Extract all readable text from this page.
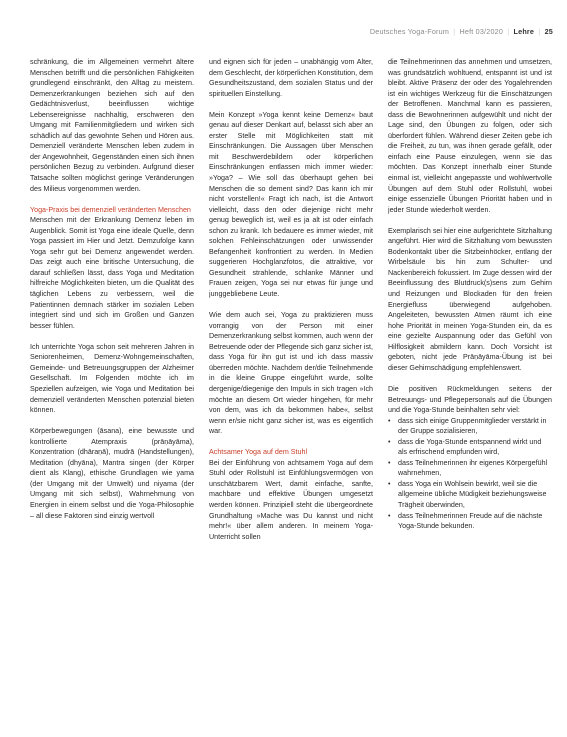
Deutsches Yoga-Forum | Heft 03/2020 | Lehre | 25

schränkung, die im Allgemeinen vermehrt ältere Menschen betrifft und die persönlichen Fähigkeiten grundlegend einschränkt, den Alltag zu meistern. Demenzerkrankungen beziehen sich auf den Gedächtnisverlust, beeinflussen wichtige Lebensereignisse nachhaltig, erschweren den Umgang mit Familienmitgliedern und wirken sich schädlich auf das gewohnte Sehen und Hören aus. Demenziell veränderte Menschen leben zudem in der Angewohnheit, Gegenständen einen sich ihnen persönlichen Bezug zu verbinden. Aufgrund dieser Tatsache sollten möglichst geringe Veränderungen des Milieus vorgenommen werden.

Yoga-Praxis bei demenziell veränderten Menschen

Menschen mit der Erkrankung Demenz leben im Augenblick. Somit ist Yoga eine ideale Quelle, denn Yoga passiert im Hier und Jetzt. Demzufolge kann Yoga sehr gut bei Demenz angewendet werden. Das zeigt auch eine britische Untersuchung, die darauf schließen lässt, dass Yoga und Meditation hilfreiche Möglichkeiten bieten, um die Qualität des täglichen Lebens zu verbessern, weil die Patientinnen demnach stärker im sozialen Leben integriert sind und sich im Großen und Ganzen besser fühlen.

Ich unterrichte Yoga schon seit mehreren Jahren in Seniorenheimen, Demenz-Wohngemeinschaften, Gemeinde- und Betreuungsgruppen der Alzheimer Gesellschaft. Im Folgenden möchte ich im Speziellen aufzeigen, wie Yoga und Meditation bei demenziell veränderten Menschen potenzial bieten können.

Körperbewegungen (āsana), eine bewusste und kontrollierte Atempraxis (prāṇāyāma), Konzentration (dhāraṇā), mudrā (Handstellungen), Meditation (dhyāna), Mantra singen (der Körper dient als Klang), ethische Grundlagen wie yama (der Umgang mit der Umwelt) und niyama (der Umgang mit sich selbst), Wahrnehmung von Energien in einem selbst und die Yoga-Philosophie – all diese Faktoren sind einzig wertvoll

und eignen sich für jeden – unabhängig vom Alter, dem Geschlecht, der körperlichen Konstitution, dem Gesundheitszustand, dem sozialen Status und der spirituellen Einstellung.

Mein Konzept »Yoga kennt keine Demenz« baut genau auf dieser Denkart auf, belasst sich aber an erster Stelle mit Möglichkeiten statt mit Einschränkungen. Die Aussagen über Menschen mit Beschwerdebildern oder körperlichen Einschränkungen entlassen mich immer wieder: »Yoga? – Wie soll das überhaupt gehen bei Menschen die so dement sind? Das kann ich mir nicht vorstellen!« Fragt ich nach, ist die Antwort vielleicht, dass den oder diejenige nicht mehr genug beweglich ist, weil es ja alt ist oder einfach schon zu krank. Ich bedauere es immer wieder, mit solchen Fehleinschätzungen oder unwissender Befangenheit konfrontiert zu werden. In Medien suggerieren Hochglanzfotos, die attraktive, vor Gesundheit strahlende, schlanke Männer und Frauen zeigen, Yoga sei nur etwas für junge und junggebliebene Leute.

Wie dem auch sei, Yoga zu praktizieren muss vorrangig von der Person mit einer Demenzerkrankung selbst kommen, auch wenn der Betreuende oder der Pflegende sich ganz sicher ist, dass Yoga für ihn gut ist und ich dass massiv überreden möchte. Nachdem der/die Teilnehmende in die kleine Gruppe eingeführt wurde, sollte dergenige/diegenige den Impuls in sich tragen »Ich möchte an diesem Ort wieder hingehen, für mehr von dem, was ich da bekommen habe«, selbst wenn er/sie nicht ganz sicher ist, was es eigentlich war.

Achtsamer Yoga auf dem Stuhl

Bei der Einführung von achtsamem Yoga auf dem Stuhl oder Rollstuhl ist Einfühlungsvermögen von unschätzbarem Wert, damit einfache, sanfte, machbare und effektive Übungen umgesetzt werden können. Prinzipiell steht die übergeordnete Grundhaltung »Mache was Du kannst und nicht mehr!« über allem anderen. In meinem Yoga-Unterricht sollen

die Teilnehmerinnen das annehmen und umsetzen, was grundsätzlich wohltuend, entspannt ist und ist bleibt. Aktive Präsenz der oder des Yogalehrenden ist ein wichtiges Werkzeug für die Einschätzungen der Betroffenen. Manchmal kann es passieren, dass die Bewohnerinnen aufgewühlt und nicht der Lage sind, den Übungen zu folgen, oder sich überfordert fühlen. Während dieser Zeiten gebe ich die Freiheit, zu tun, was ihnen gerade gefällt, oder einfach eine Pause einzulegen, wenn sie das möchten. Das Konzept innerhalb einer Stunde einmal ist, vielleicht angepasste und wohlwertvolle Übungen auf dem Stuhl oder Rollstuhl, wobei einige essenzielle Übungen Priorität haben und in jeder Stunde wiederholt werden.

Exemplarisch sei hier eine aufgerichtete Sitzhaltung angeführt. Hier wird die Sitzhaltung vom bewussten Bodenkontakt über die Sitzbeinhöcker, entlang der Wirbelsäule bis hin zum Schulter- und Nackenbereich fokussiert. Im Zuge dessen wird der Beeinflussung des Blutdruck(s)sens zum Gehirn und Reizungen und Blockaden für den freien Energiefluss überwiegend aufgehoben. Angeleiteten, bewussten Atmen räumt ich eine hohe Priorität in meinen Yoga-Stunden ein, da es eine gezielte Auspannung oder das Gefühl von Hilflosigkeit abmildern kann. Doch Vorsicht ist geboten, nicht jede Prāṇāyāma-Übung ist bei dieser Gehirnschädigung empfehlenswert.

Die positiven Rückmeldungen seitens der Betreuungs- und Pflegepersonals auf die Übungen und die Yoga-Stunde beinhalten sehr viel:

• dass sich einige Gruppenmitglieder verstärkt in der Gruppe sozialisieren,
• dass die Yoga-Stunde entspannend wirkt und als erfrischend empfunden wird,
• dass Teilnehmerinnen ihr eigenes Körpergefühl wahrnehmen,
• dass Yoga ein Wohlsein bewirkt, weil sie die allgemeine übliche Müdigkeit beziehungsweise Trägheit überwinden,
• dass Teilnehmerinnen Freude auf die nächste Yoga-Stunde bekunden.
